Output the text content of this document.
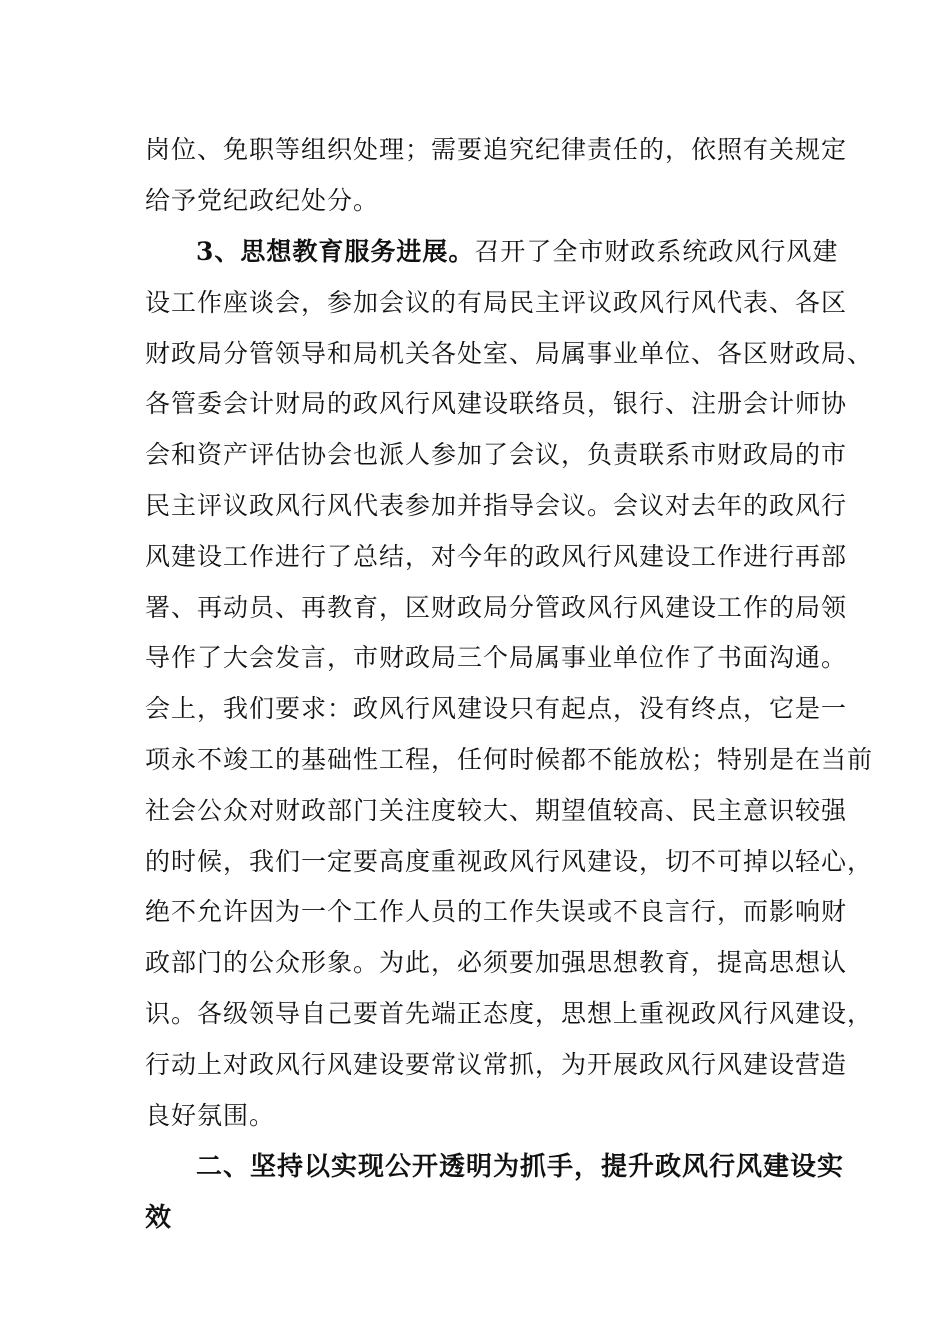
岗位、免职等组织处理；需要追究纪律责任的，依照有关规定
给予党纪政纪处分。
3、思想教育服务进展。召开了全市财政系统政风行风建
设工作座谈会，参加会议的有局民主评议政风行风代表、各区
财政局分管领导和局机关各处室、局属事业单位、各区财政局、
各管委会计财局的政风行风建设联络员，银行、注册会计师协
会和资产评估协会也派人参加了会议，负责联系市财政局的市
民主评议政风行风代表参加并指导会议。会议对去年的政风行
风建设工作进行了总结，对今年的政风行风建设工作进行再部
署、再动员、再教育，区财政局分管政风行风建设工作的局领
导作了大会发言，市财政局三个局属事业单位作了书面沟通。
会上，我们要求：政风行风建设只有起点，没有终点，它是一
项永不竣工的基础性工程，任何时候都不能放松；特别是在当前
社会公众对财政部门关注度较大、期望值较高、民主意识较强
的时候，我们一定要高度重视政风行风建设，切不可掉以轻心，
绝不允许因为一个工作人员的工作失误或不良言行，而影响财
政部门的公众形象。为此，必须要加强思想教育，提高思想认
识。各级领导自己要首先端正态度，思想上重视政风行风建设，
行动上对政风行风建设要常议常抓，为开展政风行风建设营造
良好氛围。
二、坚持以实现公开透明为抓手，提升政风行风建设实
效
